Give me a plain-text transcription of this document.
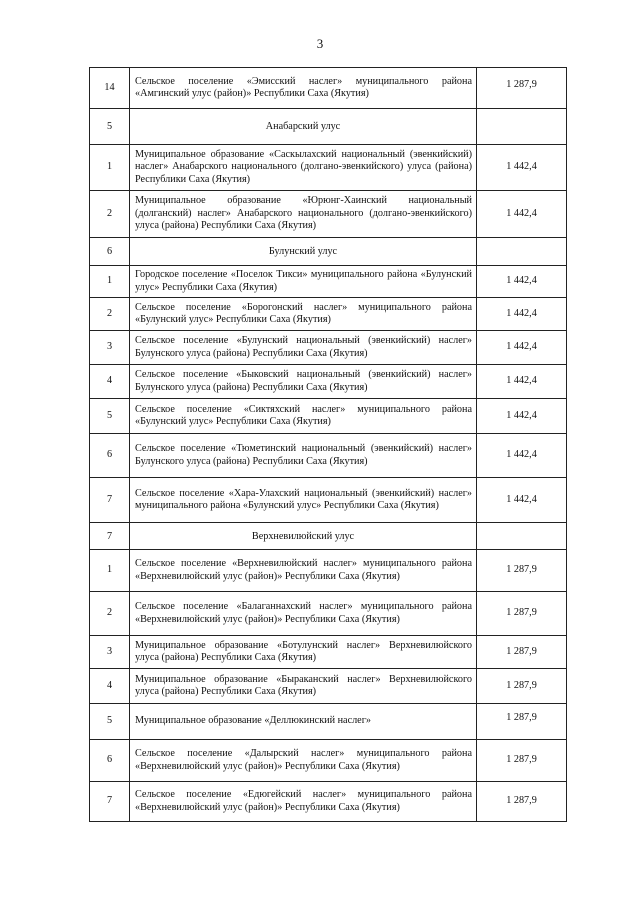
3
14	Сельское поселение «Эмисский наслег» муниципального района «Амгинский улус (район)» Республики Саха (Якутия)	1 287,9
5	Анабарский улус	
1	Муниципальное образование «Саскылахский национальный (эвенкийский) наслег» Анабарского национального (долгано-эвенкийского) улуса (района) Республики Саха (Якутия)	1 442,4
2	Муниципальное образование «Юрюнг-Хаинский национальный (долганский) наслег» Анабарского национального (долгано-эвенкийского) улуса (района) Республики Саха (Якутия)	1 442,4
6	Булунский улус	
1	Городское поселение «Поселок Тикси» муниципального района «Булунский улус» Республики Саха (Якутия)	1 442,4
2	Сельское поселение «Борогонский наслег» муниципального района «Булунский улус» Республики Саха (Якутия)	1 442,4
3	Сельское поселение «Булунский национальный (эвенкийский) наслег» Булунского улуса (района) Республики Саха (Якутия)	1 442,4
4	Сельское поселение «Быковский национальный (эвенкийский) наслег» Булунского улуса (района) Республики Саха (Якутия)	1 442,4
5	Сельское поселение «Сиктяхский наслег» муниципального района «Булунский улус» Республики Саха (Якутия)	1 442,4
6	Сельское поселение «Тюметинский национальный (эвенкийский) наслег» Булунского улуса (района) Республики Саха (Якутия)	1 442,4
7	Сельское поселение «Хара-Улахский национальный (эвенкийский) наслег» муниципального района «Булунский улус» Республики Саха (Якутия)	1 442,4
7	Верхневилюйский улус	
1	Сельское поселение «Верхневилюйский наслег» муниципального района «Верхневилюйский улус (район)» Республики Саха (Якутия)	1 287,9
2	Сельское поселение «Балаганнахский наслег» муниципального района «Верхневилюйский улус (район)» Республики Саха (Якутия)	1 287,9
3	Муниципальное образование «Ботулунский наслег» Верхневилюйского улуса (района) Республики Саха (Якутия)	1 287,9
4	Муниципальное образование «Быраканский наслег» Верхневилюйского улуса (района) Республики Саха (Якутия)	1 287,9
5	Муниципальное образование «Деллюкинский наслег»	1 287,9
6	Сельское поселение «Далырский наслег» муниципального района «Верхневилюйский улус (район)» Республики Саха (Якутия)	1 287,9
7	Сельское поселение «Едюгейский наслег» муниципального района «Верхневилюйский улус (район)» Республики Саха (Якутия)	1 287,9
